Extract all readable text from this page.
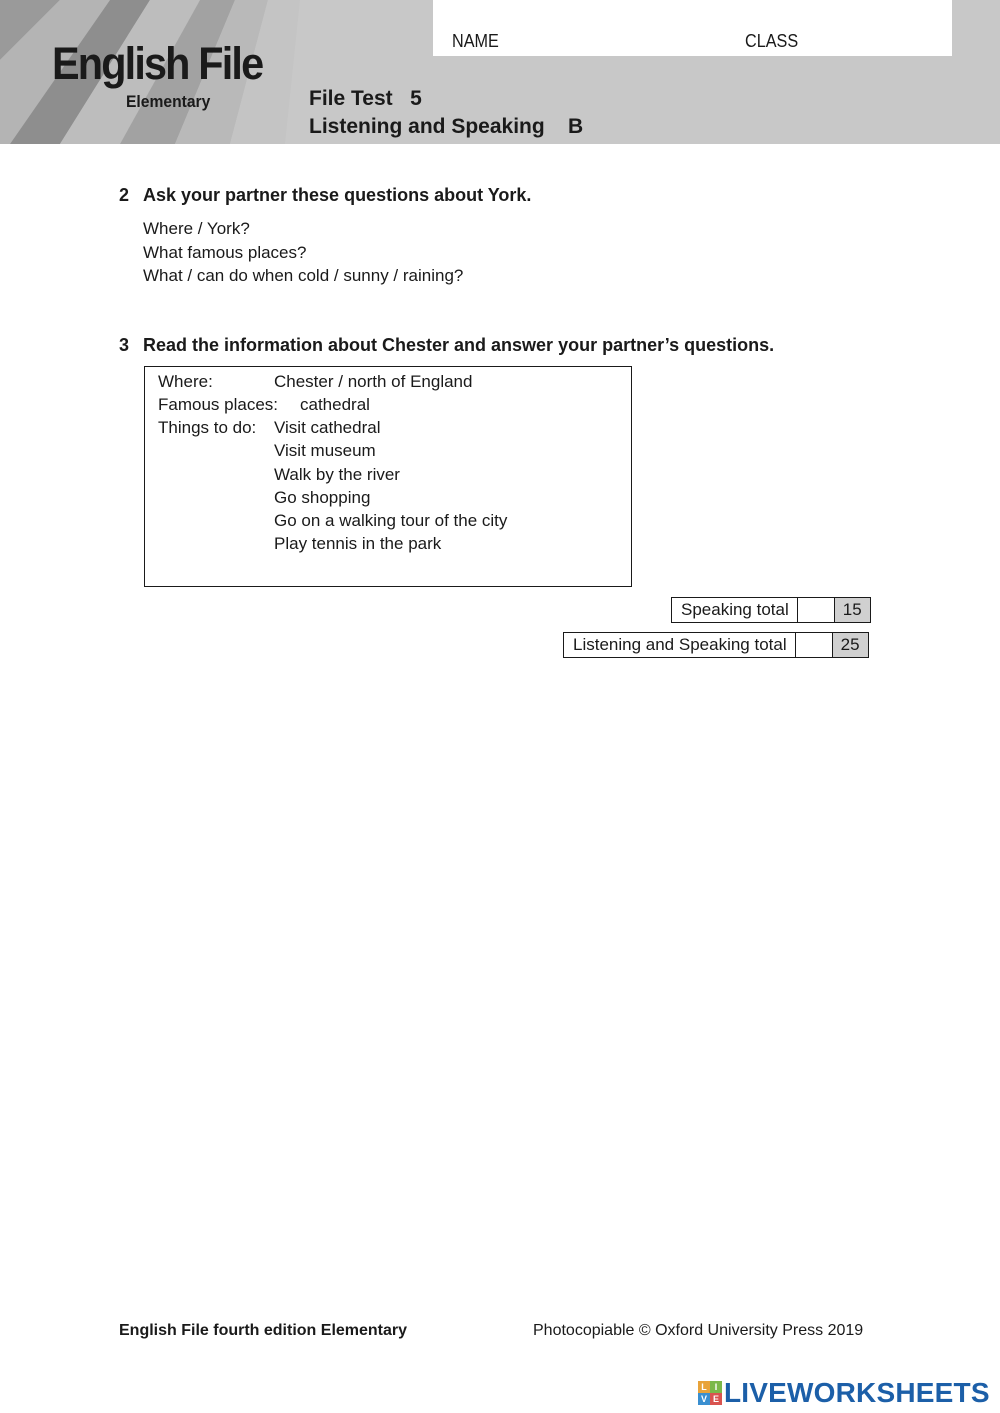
English File
Elementary
NAME	CLASS
File Test   5
Listening and Speaking    B
2 Ask your partner these questions about York.
Where / York?
What famous places?
What / can do when cold / sunny / raining?
3 Read the information about Chester and answer your partner’s questions.
Where:	Chester / north of England
Famous places: cathedral
Things to do: Visit cathedral
Visit museum
Walk by the river
Go shopping
Go on a walking tour of the city
Play tennis in the park
Speaking total	15
Listening and Speaking total	25
English File fourth edition Elementary	Photocopiable © Oxford University Press 2019
L I
V E LIVEWORKSHEETS
